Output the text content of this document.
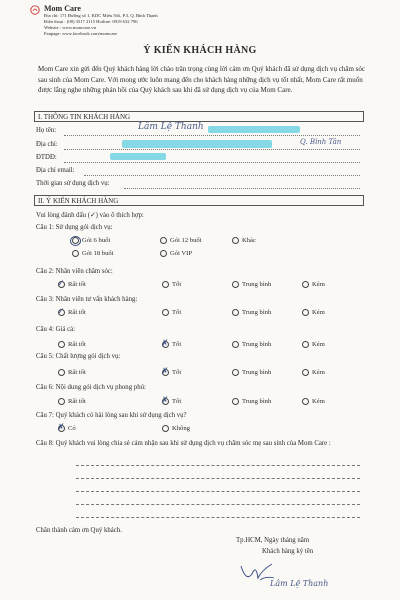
Mom Care
Địa chỉ: 171 Đường số 1, KDC Miếu Nổi, P.3, Q. Bình Thạnh
Điện thoại : (08) 3517 2115 Hotline: 0919 632 796
Website : www.momcare.vn
Fanpage: www.facebook.com/momcare
Ý KIẾN KHÁCH HÀNG
Mom Care xin gửi đến Quý khách hàng lời chào trân trọng cùng lời cảm ơn Quý khách đã sử dụng dịch vụ chăm sóc sau sinh của Mom Care. Với mong ước luôn mang đến cho khách hàng những dịch vụ tốt nhất, Mom Care rất muốn được lắng nghe những phản hồi của Quý khách sau khi đã sử dụng dịch vụ của Mom Care.
I. THÔNG TIN KHÁCH HÀNG
Họ tên:	Lâm Lệ Thanh
Địa chỉ:	Q. Bình Tân
ĐTDĐ:
Địa chỉ email:
Thời gian sử dụng dịch vụ:
II. Ý KIẾN KHÁCH HÀNG
Vui lòng đánh dấu (✓) vào ô thích hợp:
Câu 1: Sử dụng gói dịch vụ:
Gói 6 buổi	Gói 12 buổi	Khác
Gói 18 buổi	Gói VIP
Câu 2: Nhân viên chăm sóc:
✓ Rất tốt	Tốt	Trung bình	Kém
Câu 3: Nhân viên tư vấn khách hàng:
✓ Rất tốt	Tốt	Trung bình	Kém
Câu 4: Giá cả:
Rất tốt	✗ Tốt	Trung bình	Kém
Câu 5: Chất lượng gói dịch vụ:
Rất tốt	✗ Tốt	Trung bình	Kém
Câu 6: Nội dung gói dịch vụ phong phú:
Rất tốt	✗ Tốt	Trung bình	Kém
Câu 7: Quý khách có hài lòng sau khi sử dụng dịch vụ?
✗ Có	Không
Câu 8: Quý khách vui lòng chia sẻ cảm nhận sau khi sử dụng dịch vụ chăm sóc mẹ sau sinh của Mom Care :
Chân thành cảm ơn Quý khách.
Tp.HCM, Ngày tháng năm
Khách hàng ký tên
Lâm Lệ Thanh
